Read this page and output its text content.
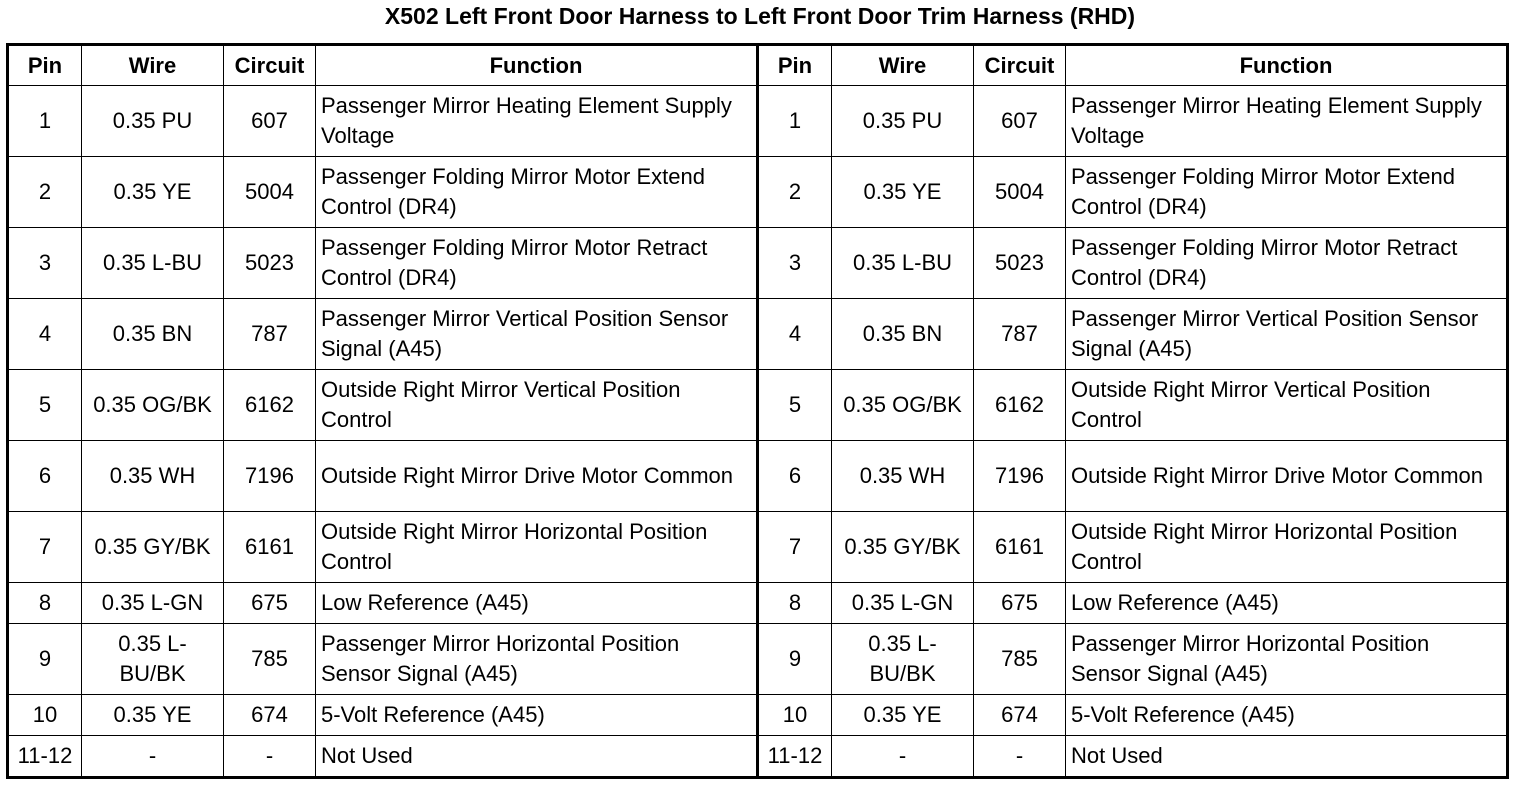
X502 Left Front Door Harness to Left Front Door Trim Harness (RHD)
Pin	Wire	Circuit	Function	Pin	Wire	Circuit	Function
1	0.35 PU	607	Passenger Mirror Heating Element Supply Voltage	1	0.35 PU	607	Passenger Mirror Heating Element Supply Voltage
2	0.35 YE	5004	Passenger Folding Mirror Motor Extend Control (DR4)	2	0.35 YE	5004	Passenger Folding Mirror Motor Extend Control (DR4)
3	0.35 L-BU	5023	Passenger Folding Mirror Motor Retract Control (DR4)	3	0.35 L-BU	5023	Passenger Folding Mirror Motor Retract Control (DR4)
4	0.35 BN	787	Passenger Mirror Vertical Position Sensor Signal (A45)	4	0.35 BN	787	Passenger Mirror Vertical Position Sensor Signal (A45)
5	0.35 OG/BK	6162	Outside Right Mirror Vertical Position Control	5	0.35 OG/BK	6162	Outside Right Mirror Vertical Position Control
6	0.35 WH	7196	Outside Right Mirror Drive Motor Common	6	0.35 WH	7196	Outside Right Mirror Drive Motor Common
7	0.35 GY/BK	6161	Outside Right Mirror Horizontal Position Control	7	0.35 GY/BK	6161	Outside Right Mirror Horizontal Position Control
8	0.35 L-GN	675	Low Reference (A45)	8	0.35 L-GN	675	Low Reference (A45)
9	0.35 L-BU/BK	785	Passenger Mirror Horizontal Position Sensor Signal (A45)	9	0.35 L-BU/BK	785	Passenger Mirror Horizontal Position Sensor Signal (A45)
10	0.35 YE	674	5-Volt Reference (A45)	10	0.35 YE	674	5-Volt Reference (A45)
11-12	-	-	Not Used	11-12	-	-	Not Used
